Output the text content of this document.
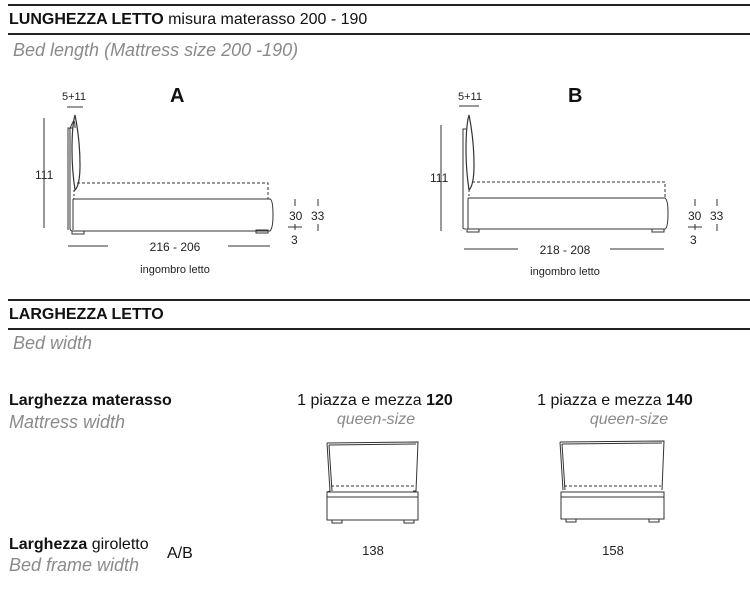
LUNGHEZZA LETTO misura materasso 200 - 190
Bed length (Mattress size 200 -190)
5+11	A
111
216 - 206
ingombro letto
30 33
3
5+11	B
111
218 - 208
ingombro letto
30 33
3
LARGHEZZA LETTO
Bed width
Larghezza materasso
Mattress width
1 piazza e mezza 120
queen-size
1 piazza e mezza 140
queen-size
Larghezza giroletto
Bed frame width
A/B	138	158
